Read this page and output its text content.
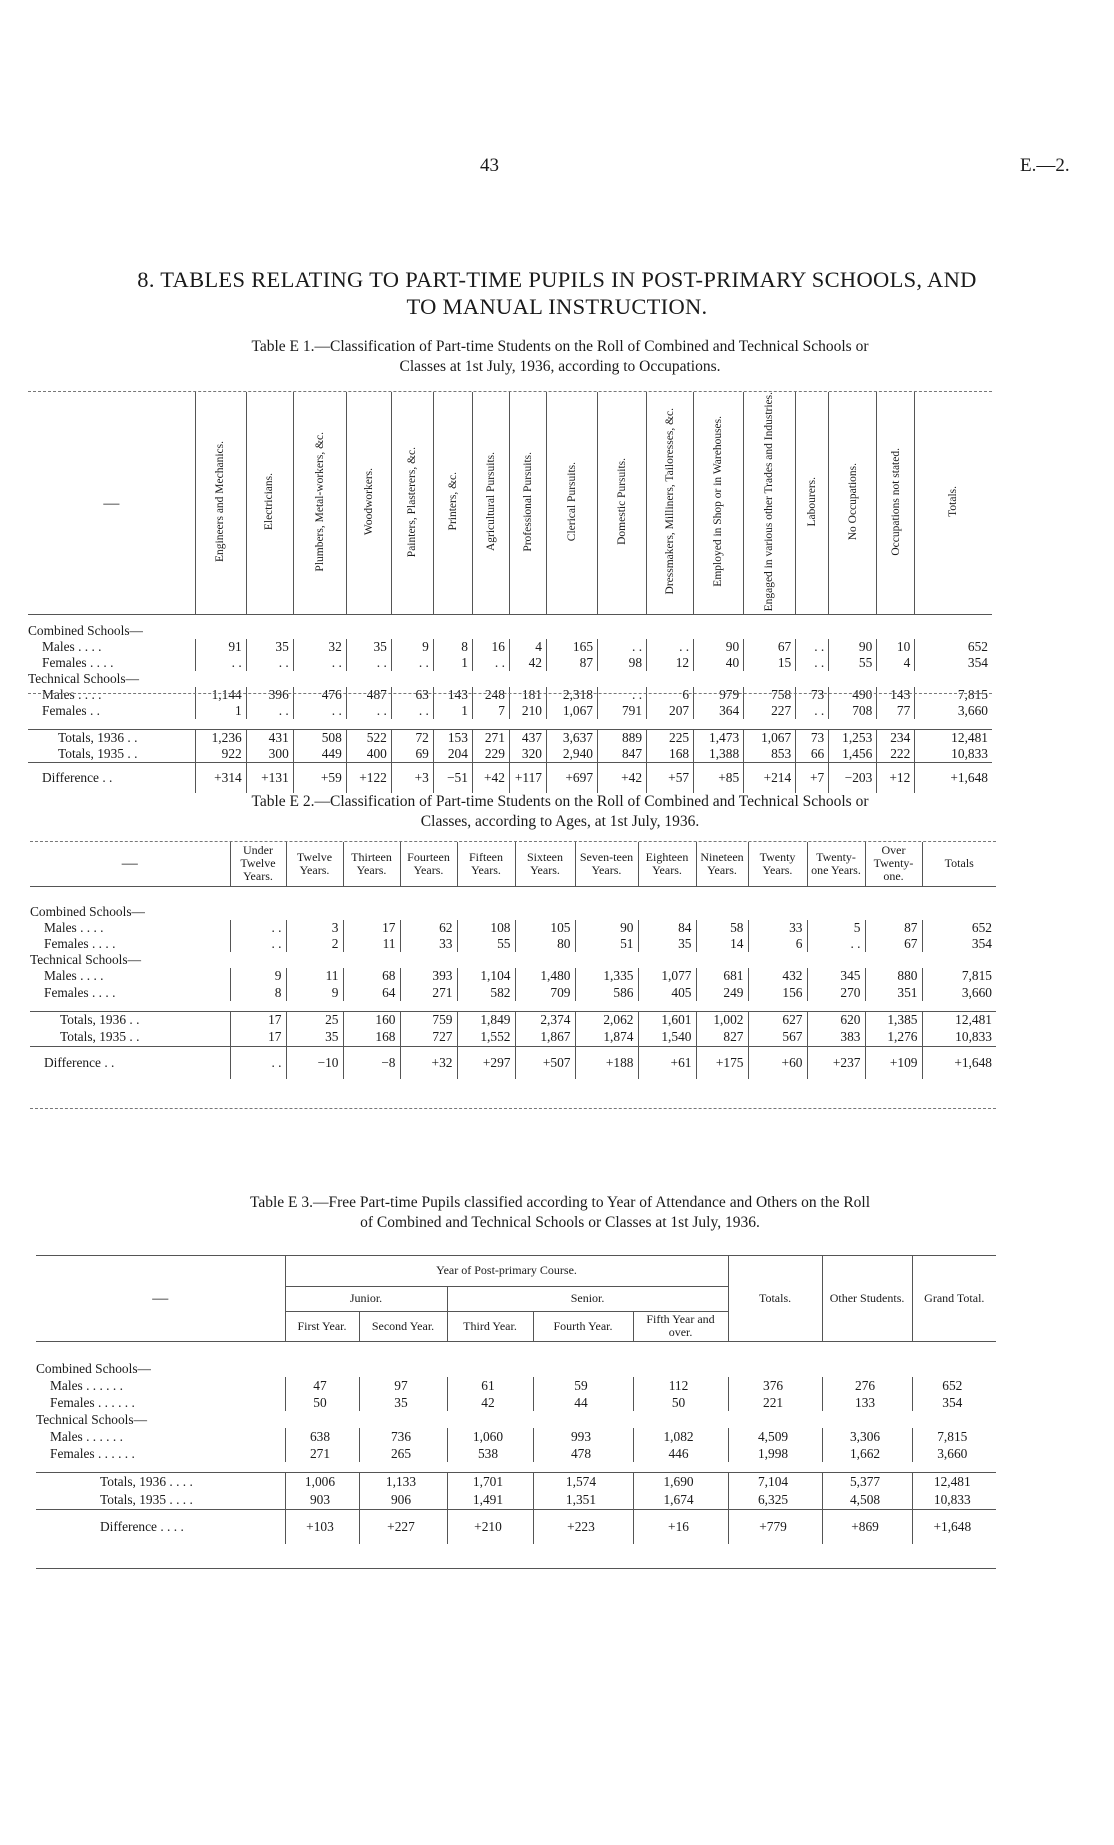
43	E.—2.
8. TABLES RELATING TO PART-TIME PUPILS IN POST-PRIMARY SCHOOLS, AND
TO MANUAL INSTRUCTION.
Table E 1.—Classification of Part-time Students on the Roll of Combined and Technical Schools or
Classes at 1st July, 1936, according to Occupations.
—	Engineers and Mechanics.	Electricians.	Plumbers, Metal-workers, &c.	Woodworkers.	Painters, Plasterers, &c.	Printers, &c.	Agricultural Pursuits.	Professional Pursuits.	Clerical Pursuits.	Domestic Pursuits.	Dressmakers, Milliners, Tailoresses, &c.	Employed in Shop or in Warehouses.	Engaged in various other Trades and Industries.	Labourers.	No Occupations.	Occupations not stated.	Totals.

Combined Schools—																	
Males . . . .	91	35	32	35	9	8	16	4	165	. .	. .	90	67	. .	90	10	652
Females . . . .	. .	. .	. .	. .	. .	1	. .	42	87	98	12	40	15	. .	55	4	354
Technical Schools—																	
Males . . . .	1,144	396	476	487	63	143	248	181	2,318	. .	6	979	758	73	490	143	7,815
Females . .	1	. .	. .	. .	. .	1	7	210	1,067	791	207	364	227	. .	708	77	3,660

Totals, 1936 . .	1,236	431	508	522	72	153	271	437	3,637	889	225	1,473	1,067	73	1,253	234	12,481
Totals, 1935 . .	922	300	449	400	69	204	229	320	2,940	847	168	1,388	853	66	1,456	222	10,833
Difference . .	+314	+131	+59	+122	+3	−51	+42	+117	+697	+42	+57	+85	+214	+7	−203	+12	+1,648
Table E 2.—Classification of Part-time Students on the Roll of Combined and Technical Schools or
Classes, according to Ages, at 1st July, 1936.
—	Under Twelve Years.	Twelve Years.	Thirteen Years.	Fourteen Years.	Fifteen Years.	Sixteen Years.	Seven-teen Years.	Eighteen Years.	Nineteen Years.	Twenty Years.	Twenty-one Years.	Over Twenty-one.	Totals

Combined Schools—													
Males . . . .	. .	3	17	62	108	105	90	84	58	33	5	87	652
Females . . . .	. .	2	11	33	55	80	51	35	14	6	. .	67	354
Technical Schools—													
Males . . . .	9	11	68	393	1,104	1,480	1,335	1,077	681	432	345	880	7,815
Females . . . .	8	9	64	271	582	709	586	405	249	156	270	351	3,660

Totals, 1936 . .	17	25	160	759	1,849	2,374	2,062	1,601	1,002	627	620	1,385	12,481
Totals, 1935 . .	17	35	168	727	1,552	1,867	1,874	1,540	827	567	383	1,276	10,833
Difference . .	. .	−10	−8	+32	+297	+507	+188	+61	+175	+60	+237	+109	+1,648
Table E 3.—Free Part-time Pupils classified according to Year of Attendance and Others on the Roll
of Combined and Technical Schools or Classes at 1st July, 1936.
—	Year of Post-primary Course.					Totals.	Other Students.	Grand Total.
	Junior.		Senior.					
	First Year.	Second Year.	Third Year.	Fourth Year.	Fifth Year and over.			

Combined Schools—								
Males . . . . . .	47	97	61	59	112	376	276	652
Females . . . . . .	50	35	42	44	50	221	133	354
Technical Schools—								
Males . . . . . .	638	736	1,060	993	1,082	4,509	3,306	7,815
Females . . . . . .	271	265	538	478	446	1,998	1,662	3,660

Totals, 1936 . . . .	1,006	1,133	1,701	1,574	1,690	7,104	5,377	12,481
Totals, 1935 . . . .	903	906	1,491	1,351	1,674	6,325	4,508	10,833
Difference . . . .	+103	+227	+210	+223	+16	+779	+869	+1,648
